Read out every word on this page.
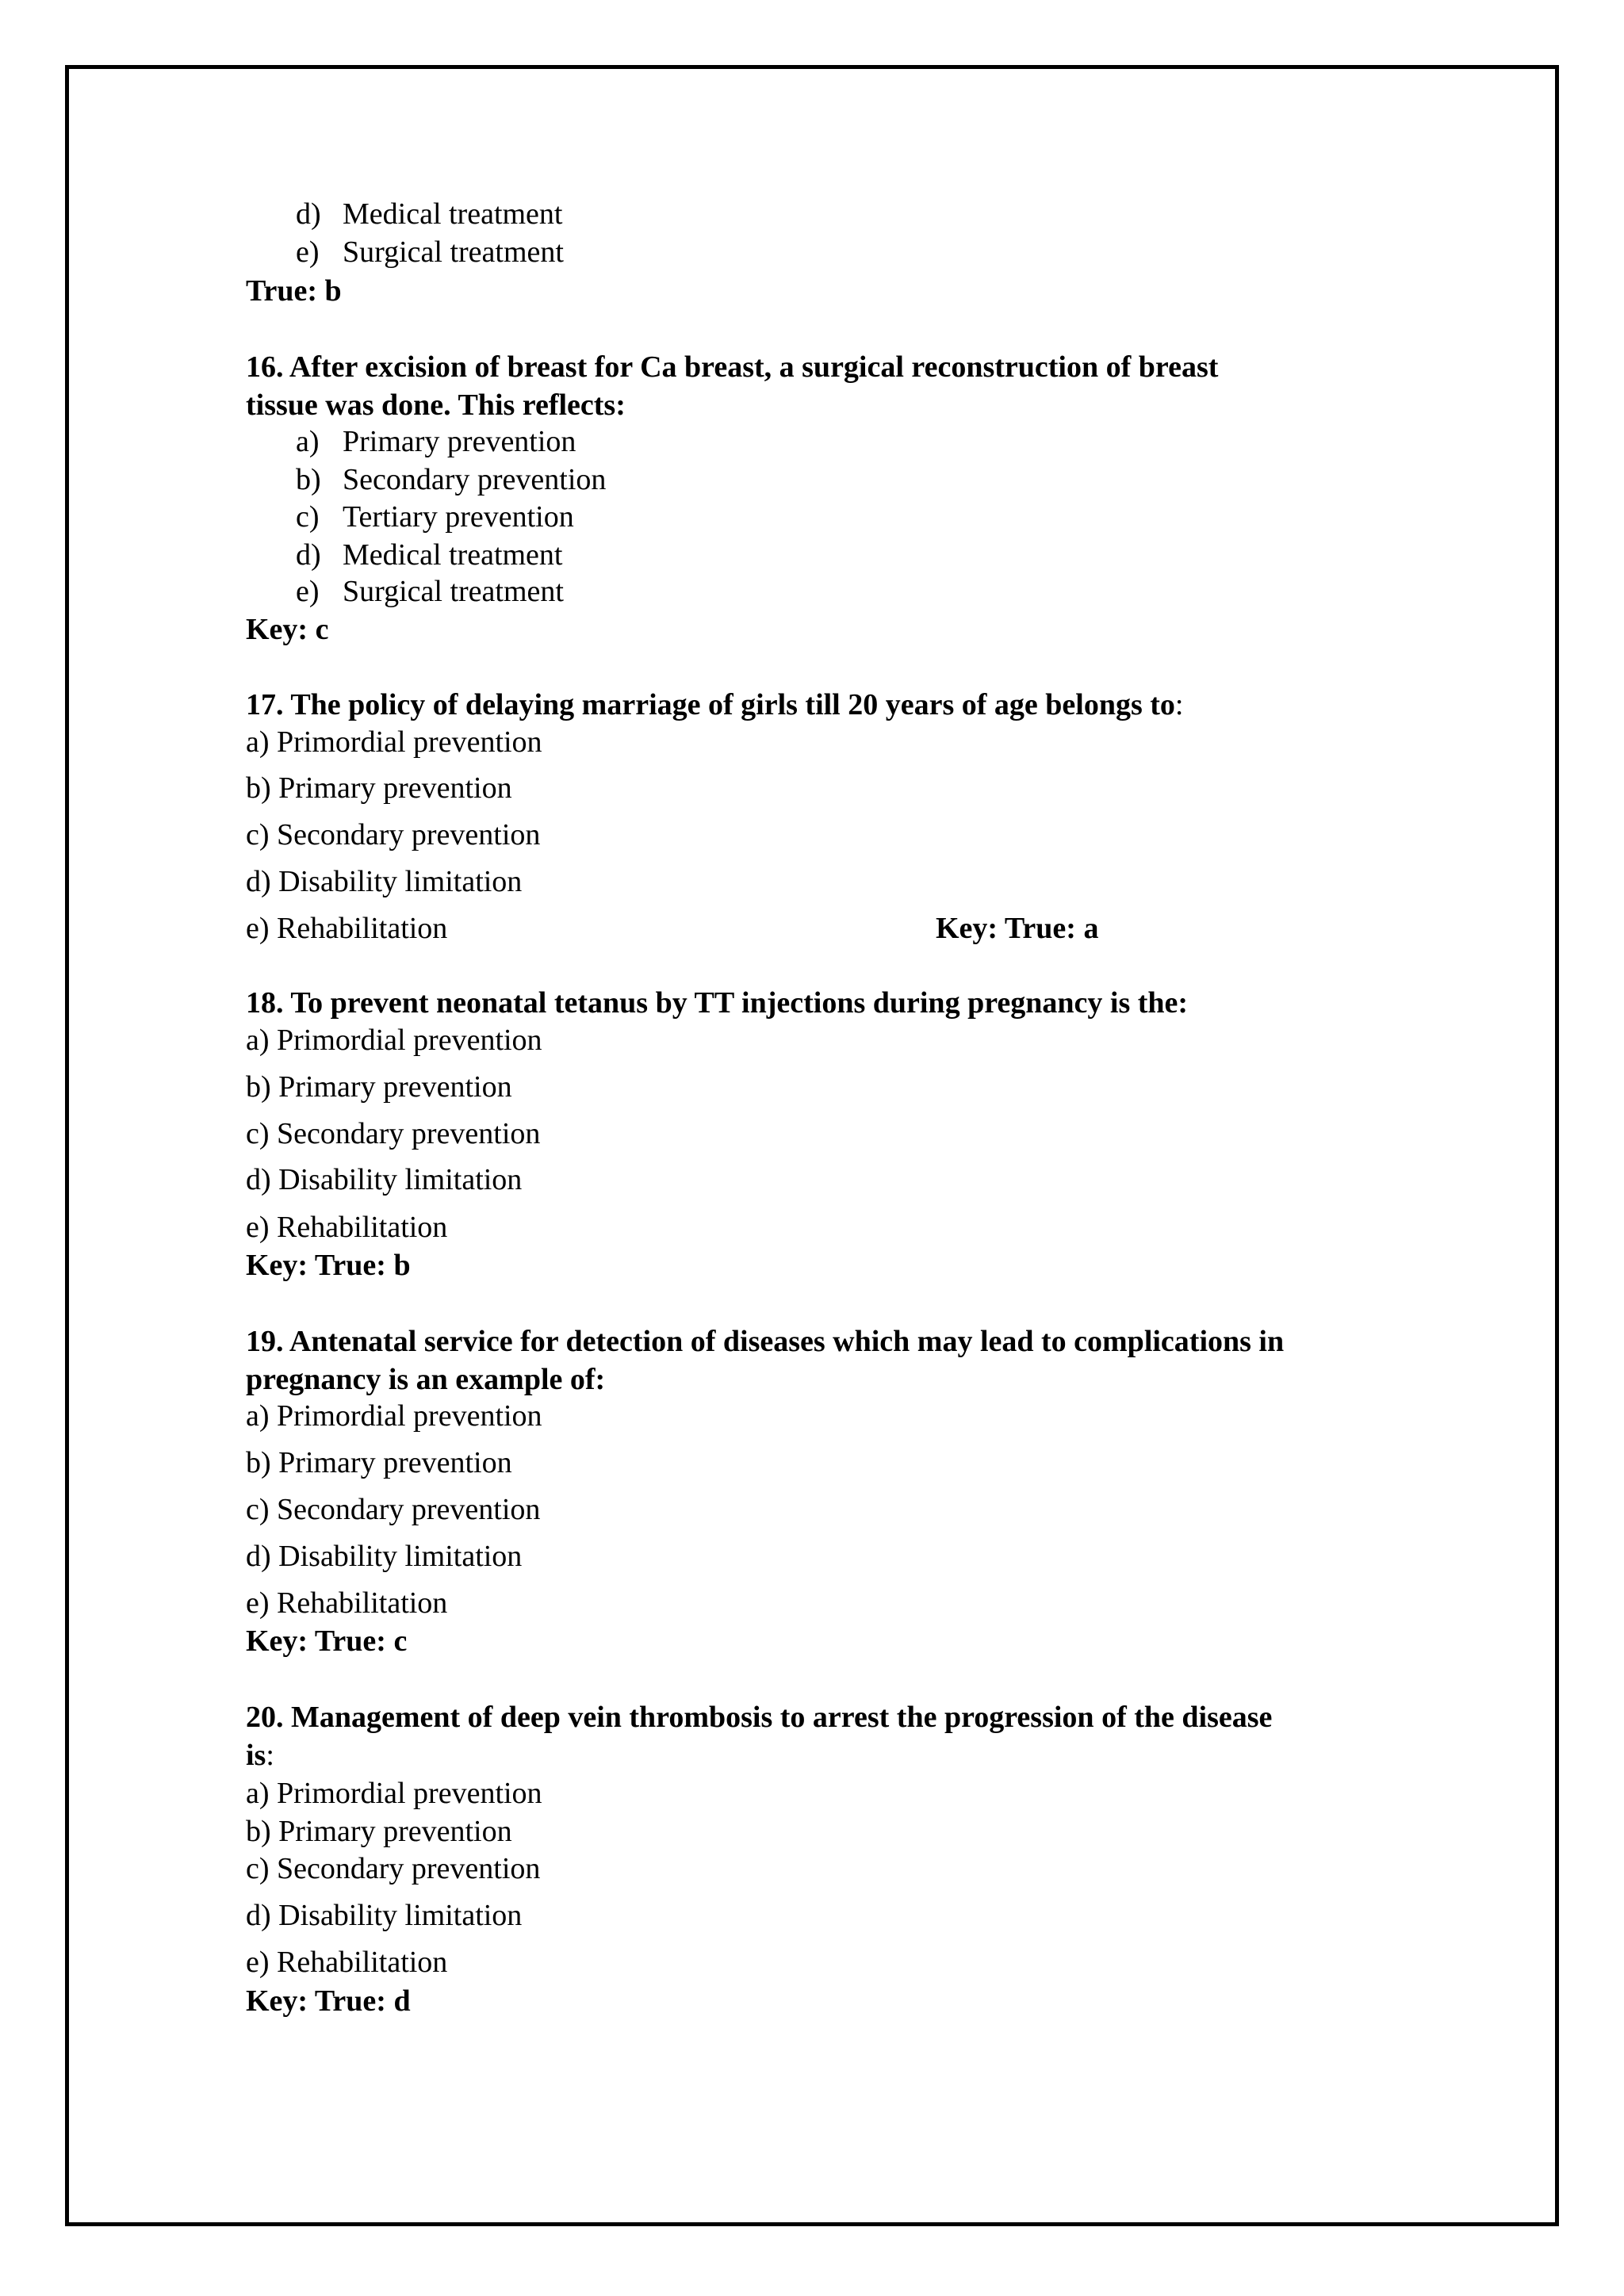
d) Medical treatment
e) Surgical treatment
True: b
16. After excision of breast for Ca breast, a surgical reconstruction of breast
tissue was done. This reflects:
a) Primary prevention
b) Secondary prevention
c) Tertiary prevention
d) Medical treatment
e) Surgical treatment
Key: c
17. The policy of delaying marriage of girls till 20 years of age belongs to:
a) Primordial prevention
b) Primary prevention
c) Secondary prevention
d) Disability limitation
e) Rehabilitation	Key: True: a
18. To prevent neonatal tetanus by TT injections during pregnancy is the:
a) Primordial prevention
b) Primary prevention
c) Secondary prevention
d) Disability limitation
e) Rehabilitation
Key: True: b
19. Antenatal service for detection of diseases which may lead to complications in
pregnancy is an example of:
a) Primordial prevention
b) Primary prevention
c) Secondary prevention
d) Disability limitation
e) Rehabilitation
Key: True: c
20. Management of deep vein thrombosis to arrest the progression of the disease
is:
a) Primordial prevention
b) Primary prevention
c) Secondary prevention
d) Disability limitation
e) Rehabilitation
Key: True: d
